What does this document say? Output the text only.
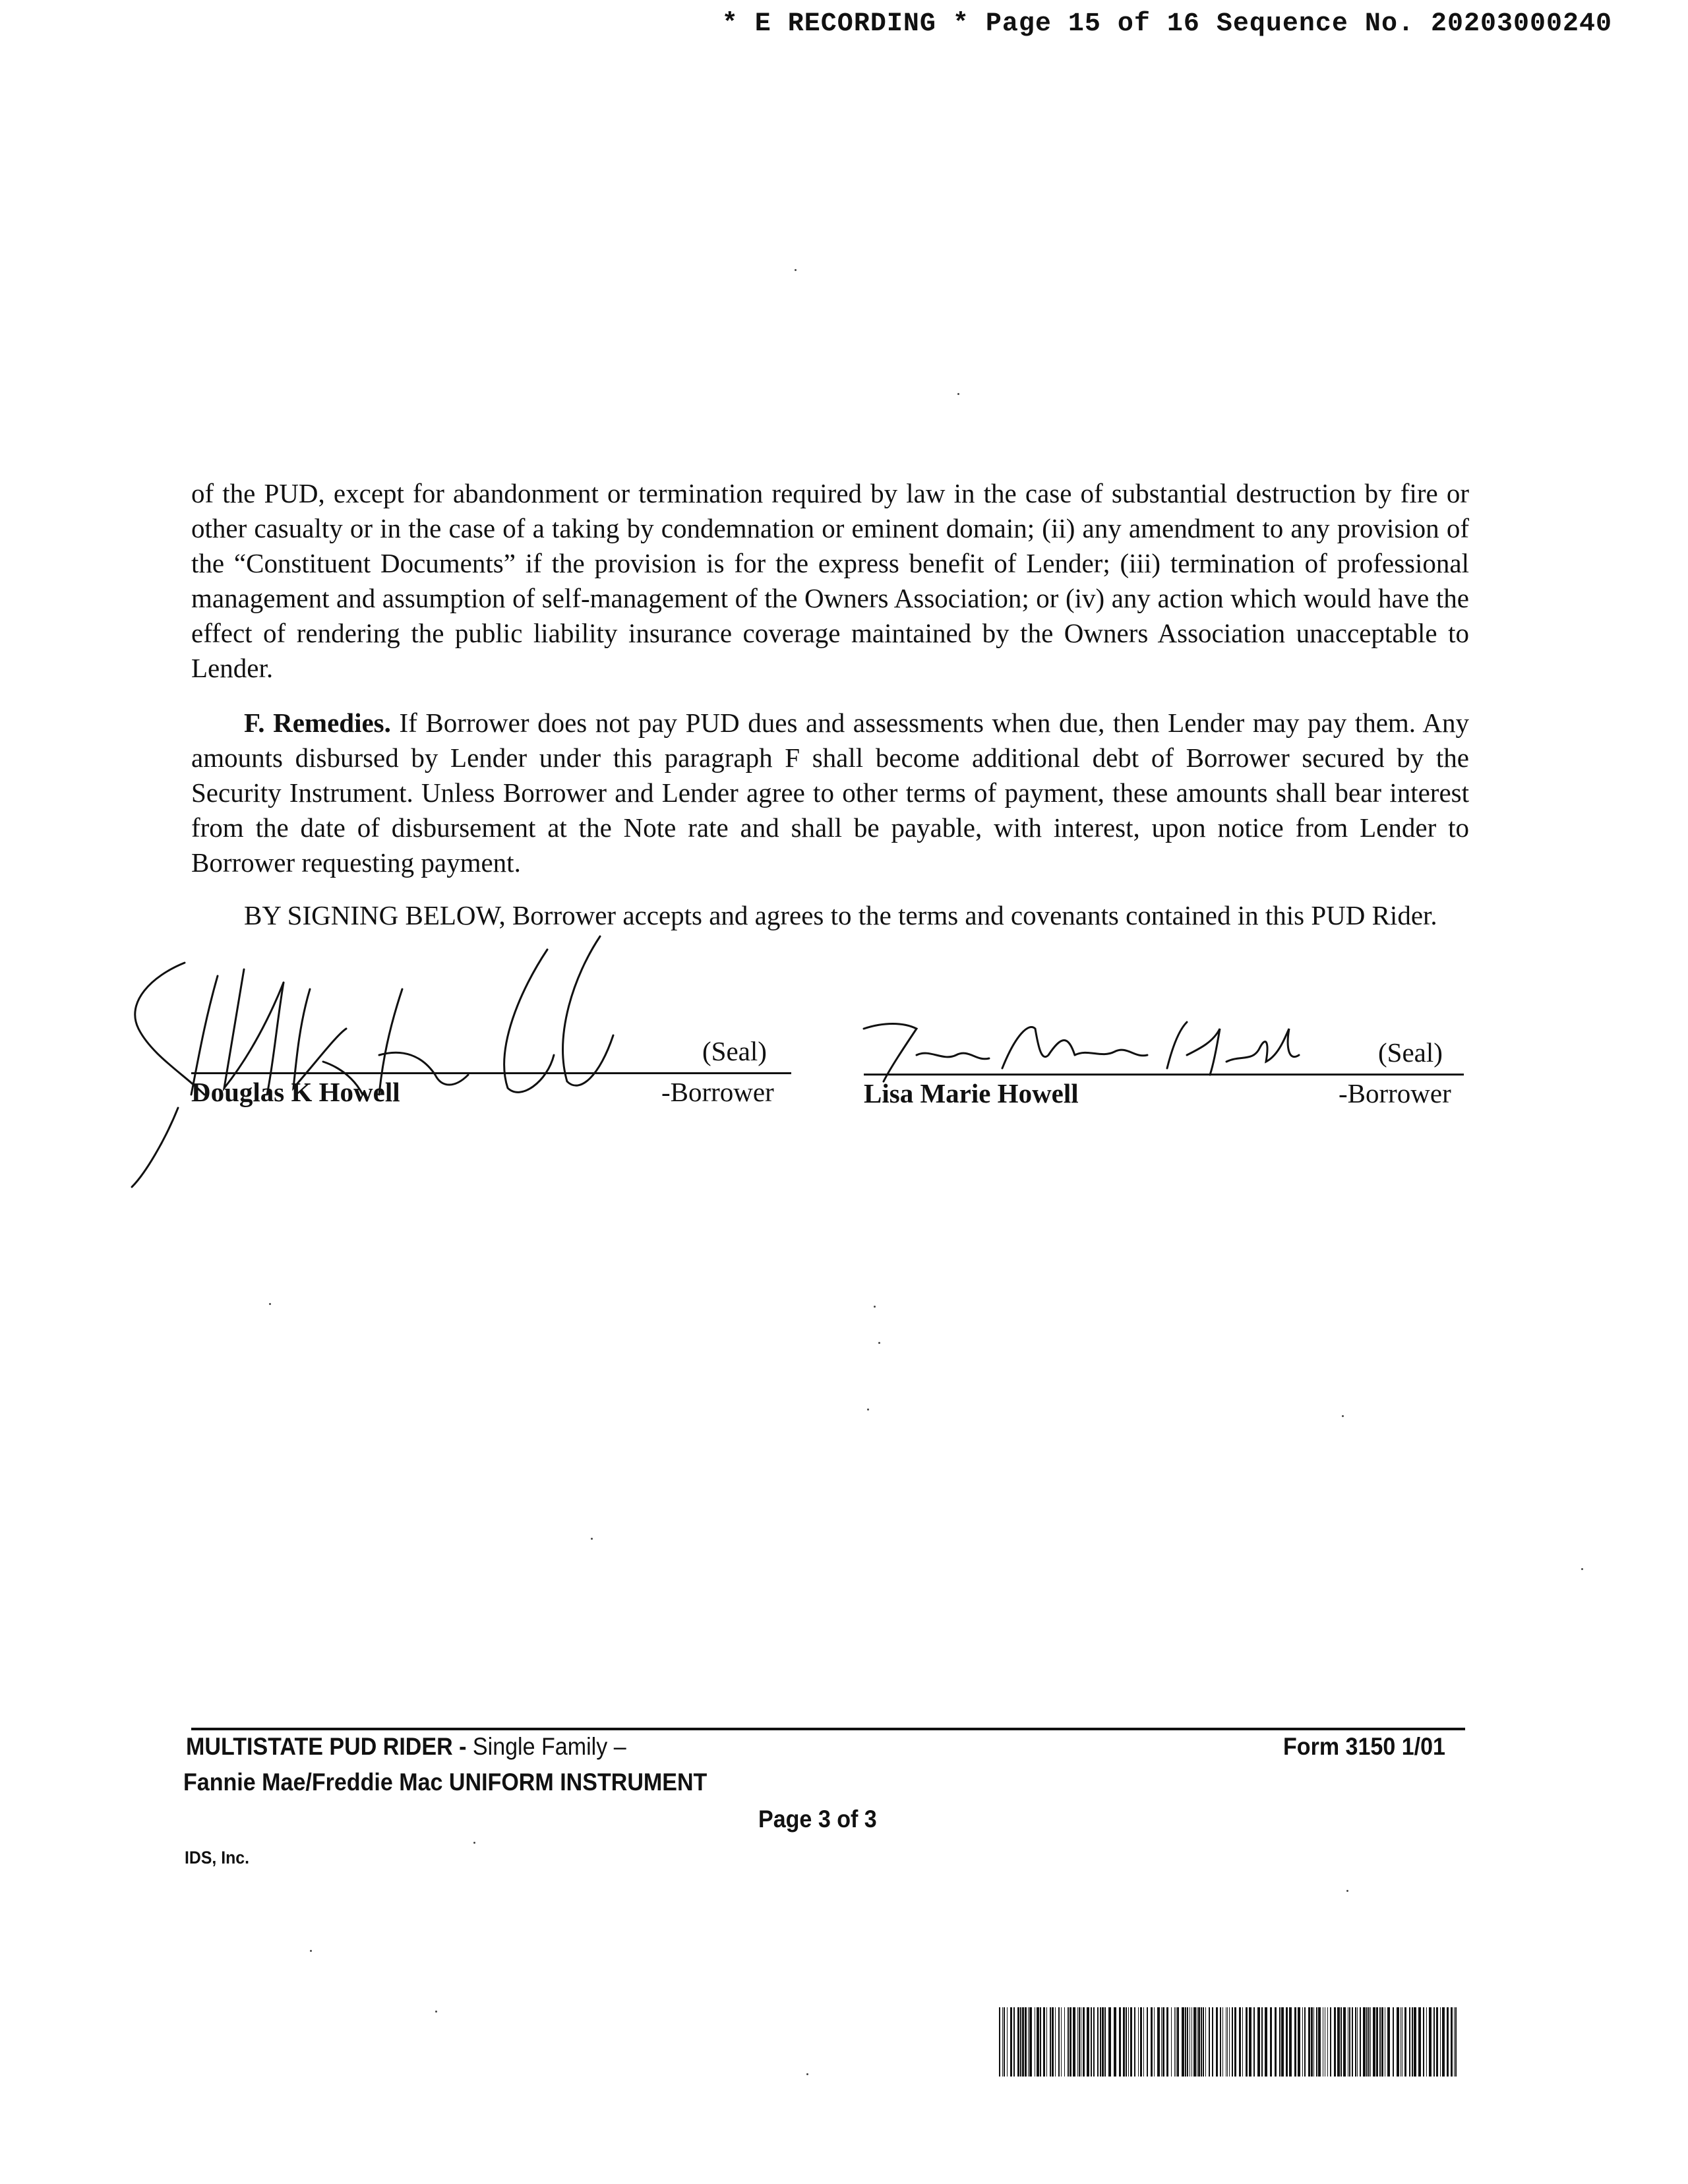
* E RECORDING * Page 15 of 16 Sequence No. 20203000240
of the PUD, except for abandonment or termination required by law in the case of substantial destruction by fire or other casualty or in the case of a taking by condemnation or eminent domain; (ii) any amendment to any provision of the “Constituent Documents” if the provision is for the express benefit of Lender; (iii) termination of professional management and assumption of self-management of the Owners Association; or (iv) any action which would have the effect of rendering the public liability insurance coverage maintained by the Owners Association unacceptable to Lender.
F. Remedies. If Borrower does not pay PUD dues and assessments when due, then Lender may pay them. Any amounts disbursed by Lender under this paragraph F shall become additional debt of Borrower secured by the Security Instrument. Unless Borrower and Lender agree to other terms of payment, these amounts shall bear interest from the date of disbursement at the Note rate and shall be payable, with interest, upon notice from Lender to Borrower requesting payment.
BY SIGNING BELOW, Borrower accepts and agrees to the terms and covenants contained in this PUD Rider.
(Seal)
Douglas K Howell	-Borrower
(Seal)
Lisa Marie Howell	-Borrower
MULTISTATE PUD RIDER - Single Family –	Form 3150 1/01
Fannie Mae/Freddie Mac UNIFORM INSTRUMENT
Page 3 of 3
IDS, Inc.
